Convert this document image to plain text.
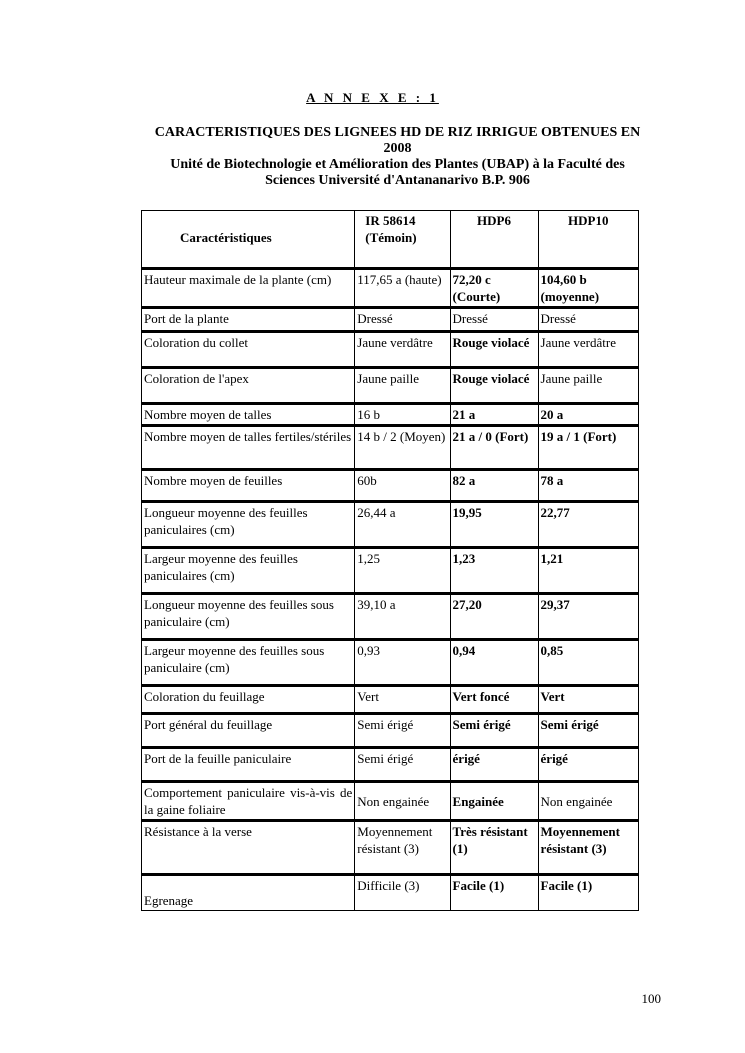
A N N E X E : 1
CARACTERISTIQUES DES LIGNEES HD DE RIZ IRRIGUE OBTENUES EN 2008
Unité de Biotechnologie et Amélioration des Plantes (UBAP) à la Faculté des Sciences Université d'Antananarivo B.P. 906
Caractéristiques	IR 58614 (Témoin)	HDP6	HDP10
Hauteur maximale de la plante (cm)	117,65 a (haute)	72,20 c (Courte)	104,60 b (moyenne)
Port de la plante	Dressé	Dressé	Dressé
Coloration du collet	Jaune verdâtre	Rouge violacé	Jaune verdâtre
Coloration de l'apex	Jaune paille	Rouge violacé	Jaune paille
Nombre moyen de talles	16 b	21 a	20 a
Nombre moyen de talles fertiles/stériles	14 b / 2 (Moyen)	21 a / 0 (Fort)	19 a / 1 (Fort)
Nombre moyen de feuilles	60b	82 a	78 a
Longueur moyenne des feuilles paniculaires (cm)	26,44 a	19,95	22,77
Largeur moyenne des feuilles paniculaires (cm)	1,25	1,23	1,21
Longueur moyenne des feuilles sous paniculaire (cm)	39,10 a	27,20	29,37
Largeur moyenne des feuilles sous paniculaire (cm)	0,93	0,94	0,85
Coloration du feuillage	Vert	Vert foncé	Vert
Port général du feuillage	Semi érigé	Semi érigé	Semi érigé
Port de la feuille paniculaire	Semi érigé	érigé	érigé
Comportement paniculaire vis-à-vis de la gaine foliaire	Non engainée	Engainée	Non engainée
Résistance à la verse	Moyennement résistant (3)	Très résistant (1)	Moyennement résistant (3)
Egrenage	Difficile (3)	Facile (1)	Facile (1)
100
